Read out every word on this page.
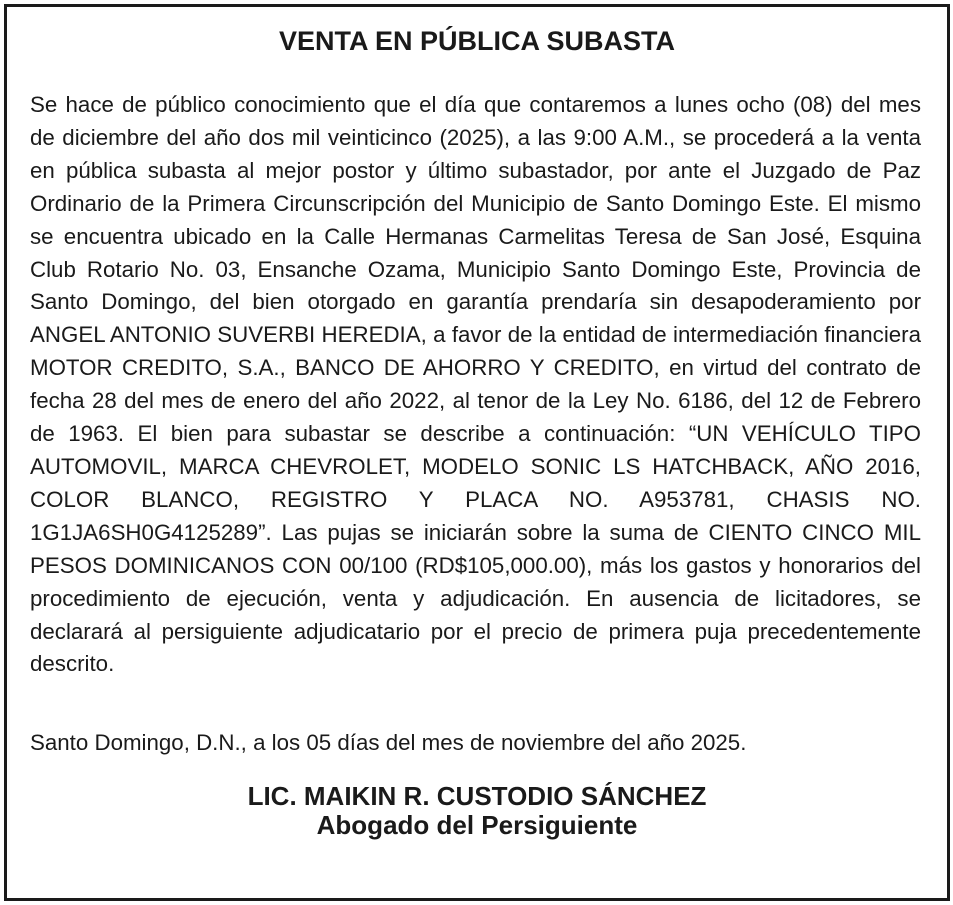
VENTA EN PÚBLICA SUBASTA

Se hace de público conocimiento que el día que contaremos a lunes ocho (08) del mes de diciembre del año dos mil veinticinco (2025), a las 9:00 A.M., se procederá a la venta en pública subasta al mejor postor y último subastador, por ante el Juzgado de Paz Ordinario de la Primera Circunscripción del Municipio de Santo Domingo Este. El mismo se encuentra ubicado en la Calle Hermanas Carmelitas Teresa de San José, Esquina Club Rotario No. 03, Ensanche Ozama, Municipio Santo Domingo Este, Provincia de Santo Domingo, del bien otorgado en garantía prendaría sin desapoderamiento por ANGEL ANTONIO SUVERBI HEREDIA, a favor de la entidad de intermediación financiera MOTOR CREDITO, S.A., BANCO DE AHORRO Y CREDITO, en virtud del contrato de fecha 28 del mes de enero del año 2022, al tenor de la Ley No. 6186, del 12 de Febrero de 1963. El bien para subastar se describe a continuación: “UN VEHÍCULO TIPO AUTOMOVIL, MARCA CHEVROLET, MODELO SONIC LS HATCHBACK, AÑO 2016, COLOR BLANCO, REGISTRO Y PLACA NO. A953781, CHASIS NO. 1G1JA6SH0G4125289”. Las pujas se iniciarán sobre la suma de CIENTO CINCO MIL PESOS DOMINICANOS CON 00/100 (RD$105,000.00), más los gastos y honorarios del procedimiento de ejecución, venta y adjudicación. En ausencia de licitadores, se declarará al persiguiente adjudicatario por el precio de primera puja precedentemente descrito.

Santo Domingo, D.N., a los 05 días del mes de noviembre del año 2025.

LIC. MAIKIN R. CUSTODIO SÁNCHEZ
Abogado del Persiguiente
